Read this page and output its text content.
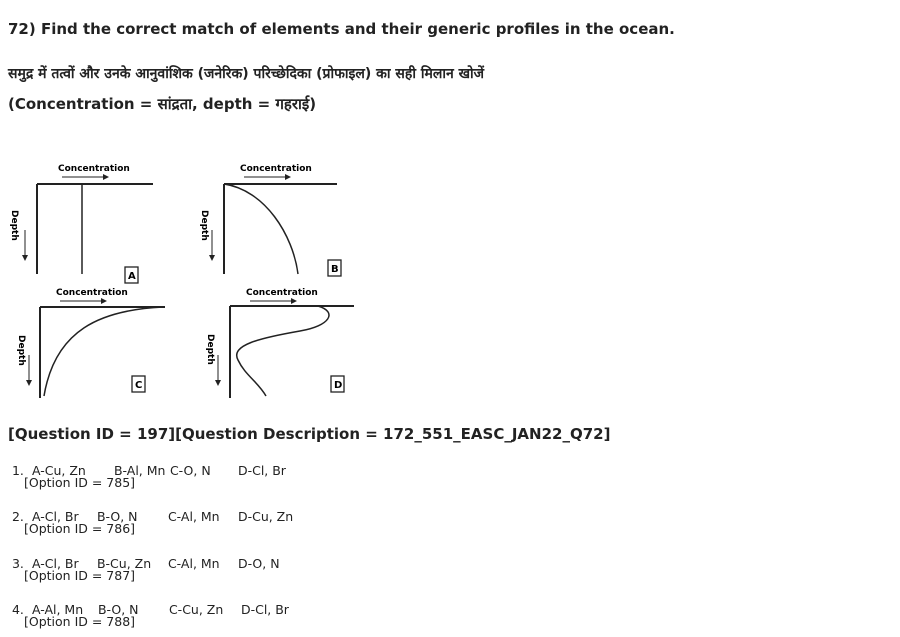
72) Find the correct match of elements and their generic profiles in the ocean.
समुद्र में तत्वों और उनके आनुवांशिक (जनेरिक) परिच्छेदिका (प्रोफाइल) का सही मिलान खोजें
(Concentration = सांद्रता, depth = गहराई)
Concentration
Depth
A
Concentration
Depth
B
Concentration
Depth
C
Concentration
Depth
D
[Question ID = 197][Question Description = 172_551_EASC_JAN22_Q72]

1. A-Cu, Zn B-Al, Mn C-O, N D-Cl, Br

[Option ID = 785]

2. A-Cl, Br B-O, N C-Al, Mn D-Cu, Zn

[Option ID = 786]

3. A-Cl, Br B-Cu, Zn C-Al, Mn D-O, N

[Option ID = 787]

4. A-Al, Mn B-O, N C-Cu, Zn D-Cl, Br

[Option ID = 788]
